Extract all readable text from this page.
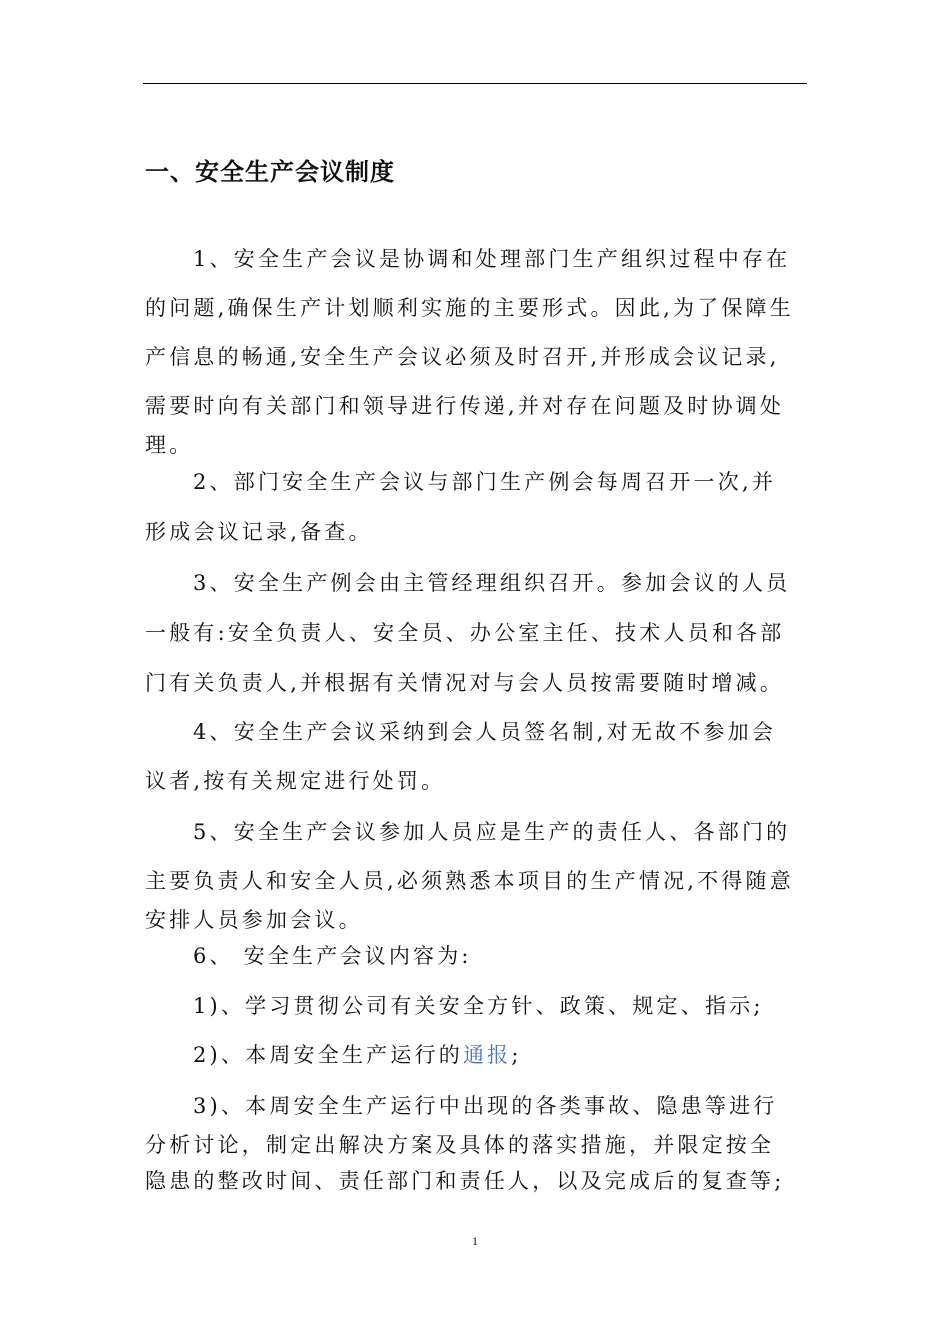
一、安全生产会议制度
1、安全生产会议是协调和处理部门生产组织过程中存在
的问题,确保生产计划顺利实施的主要形式。因此,为了保障生
产信息的畅通,安全生产会议必须及时召开,并形成会议记录,
需要时向有关部门和领导进行传递,并对存在问题及时协调处
理。
2、部门安全生产会议与部门生产例会每周召开一次,并
形成会议记录,备查。
3、安全生产例会由主管经理组织召开。参加会议的人员
一般有:安全负责人、安全员、办公室主任、技术人员和各部
门有关负责人,并根据有关情况对与会人员按需要随时增减。
4、安全生产会议采纳到会人员签名制,对无故不参加会
议者,按有关规定进行处罚。
5、安全生产会议参加人员应是生产的责任人、各部门的
主要负责人和安全人员,必须熟悉本项目的生产情况,不得随意
安排人员参加会议。
6、 安全生产会议内容为:
1)、学习贯彻公司有关安全方针、政策、规定、指示;
2)、本周安全生产运行的通报;
3)、本周安全生产运行中出现的各类事故、隐患等进行
分析讨论，制定出解决方案及具体的落实措施，并限定按全
隐患的整改时间、责任部门和责任人，以及完成后的复查等;
1
